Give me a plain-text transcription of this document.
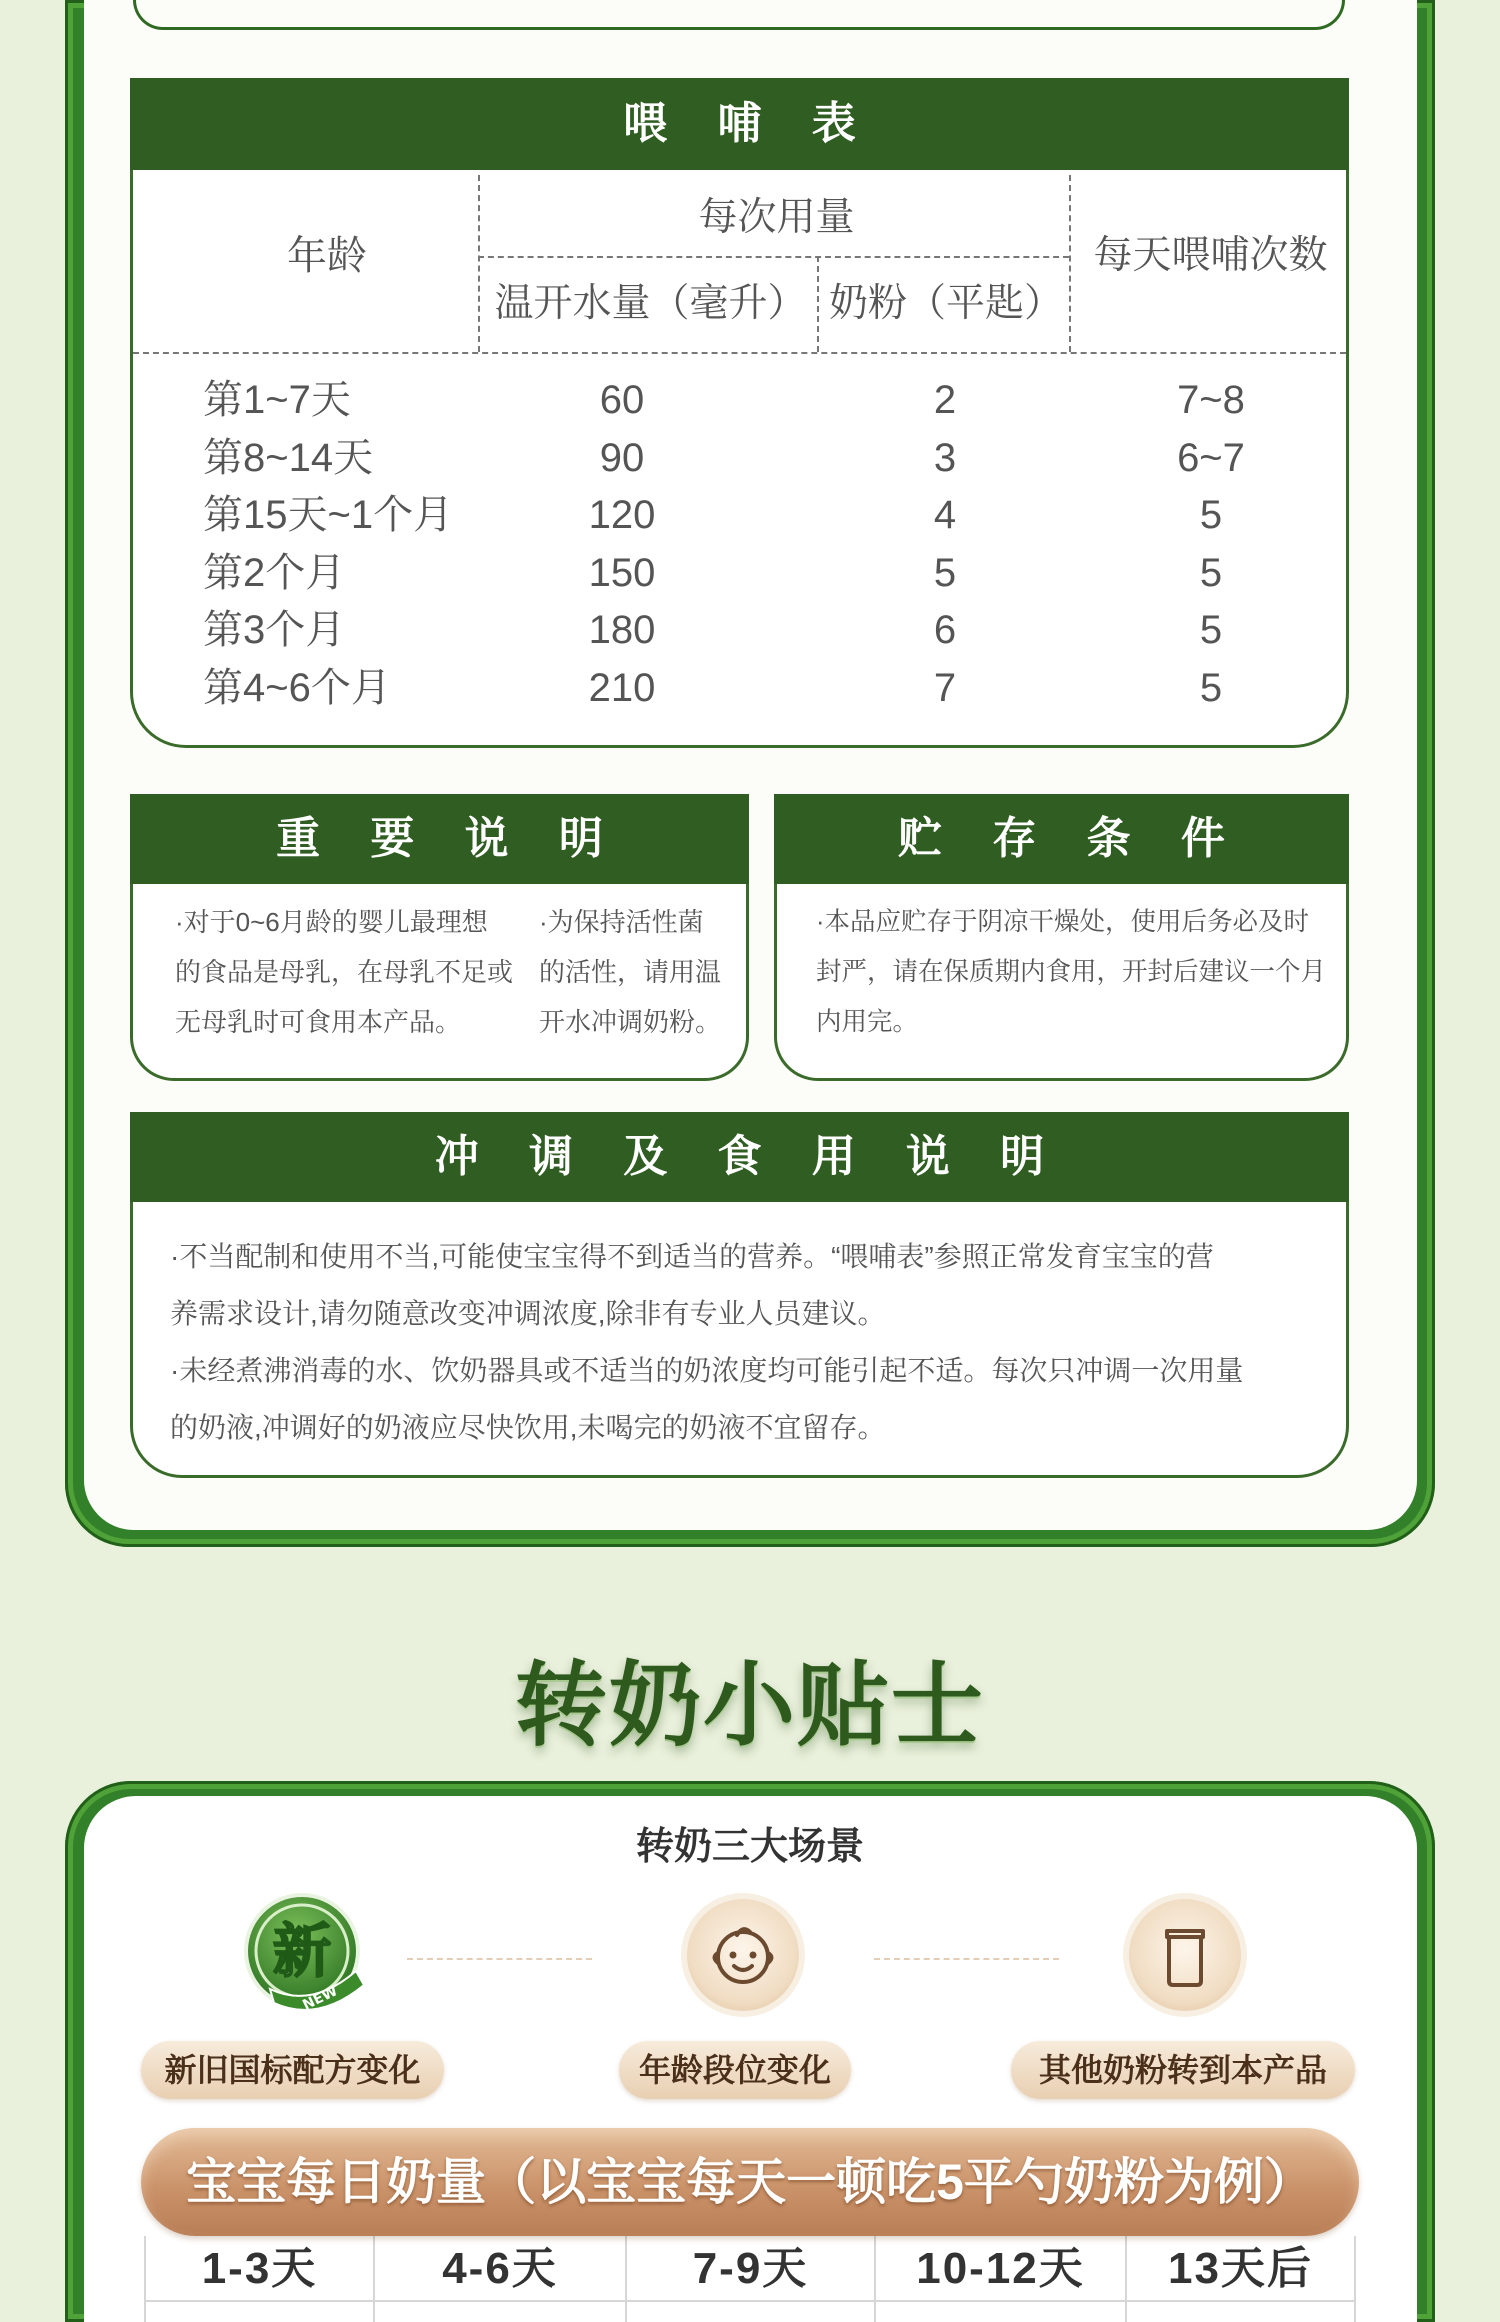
喂 哺 表
年龄
每次用量
温开水量（毫升） 奶粉（平匙）
每天喂哺次数
第1~7天	60	2	7~8
第8~14天	90	3	6~7
第15天~1个月	120	4	5
第2个月	150	5	5
第3个月	180	6	5
第4~6个月	210	7	5
重 要 说 明
·对于0~6月龄的婴儿最理想
的食品是母乳，在母乳不足或
无母乳时可食用本产品。
·为保持活性菌
的活性，请用温
开水冲调奶粉。
贮 存 条 件
·本品应贮存于阴凉干燥处，使用后务必及时
封严，请在保质期内食用，开封后建议一个月
内用完。
冲 调 及 食 用 说 明
·不当配制和使用不当,可能使宝宝得不到适当的营养。“喂哺表”参照正常发育宝宝的营
养需求设计,请勿随意改变冲调浓度,除非有专业人员建议。
·未经煮沸消毒的水、饮奶器具或不适当的奶浓度均可能引起不适。每次只冲调一次用量
的奶液,冲调好的奶液应尽快饮用,未喝完的奶液不宜留存。
转奶小贴士
转奶三大场景
新
NEW
新旧国标配方变化	年龄段位变化	其他奶粉转到本产品
宝宝每日奶量（以宝宝每天一顿吃5平勺奶粉为例）
1-3天	4-6天	7-9天	10-12天	13天后
